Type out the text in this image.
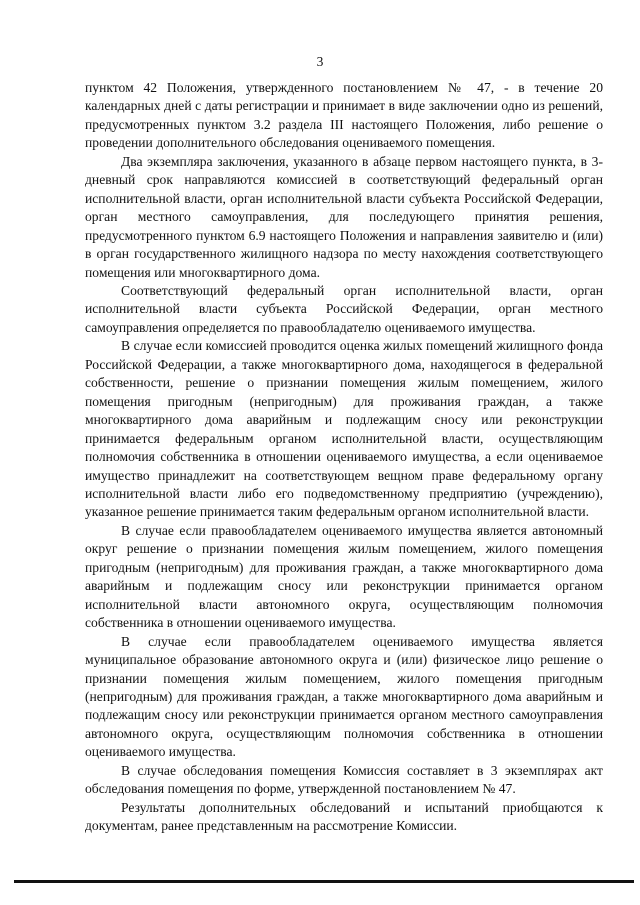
3

пунктом 42 Положения, утвержденного постановлением № 47, - в течение 20 календарных дней с даты регистрации и принимает в виде заключении одно из решений, предусмотренных пунктом 3.2 раздела III настоящего Положения, либо решение о проведении дополнительного обследования оцениваемого помещения.

Два экземпляра заключения, указанного в абзаце первом настоящего пункта, в 3-дневный срок направляются комиссией в соответствующий федеральный орган исполнительной власти, орган исполнительной власти субъекта Российской Федерации, орган местного самоуправления, для последующего принятия решения, предусмотренного пунктом 6.9 настоящего Положения и направления заявителю и (или) в орган государственного жилищного надзора по месту нахождения соответствующего помещения или многоквартирного дома.

Соответствующий федеральный орган исполнительной власти, орган исполнительной власти субъекта Российской Федерации, орган местного самоуправления определяется по правообладателю оцениваемого имущества.

В случае если комиссией проводится оценка жилых помещений жилищного фонда Российской Федерации, а также многоквартирного дома, находящегося в федеральной собственности, решение о признании помещения жилым помещением, жилого помещения пригодным (непригодным) для проживания граждан, а также многоквартирного дома аварийным и подлежащим сносу или реконструкции принимается федеральным органом исполнительной власти, осуществляющим полномочия собственника в отношении оцениваемого имущества, а если оцениваемое имущество принадлежит на соответствующем вещном праве федеральному органу исполнительной власти либо его подведомственному предприятию (учреждению), указанное решение принимается таким федеральным органом исполнительной власти.

В случае если правообладателем оцениваемого имущества является автономный округ решение о признании помещения жилым помещением, жилого помещения пригодным (непригодным) для проживания граждан, а также многоквартирного дома аварийным и подлежащим сносу или реконструкции принимается органом исполнительной власти автономного округа, осуществляющим полномочия собственника в отношении оцениваемого имущества.

В случае если правообладателем оцениваемого имущества является муниципальное образование автономного округа и (или) физическое лицо решение о признании помещения жилым помещением, жилого помещения пригодным (непригодным) для проживания граждан, а также многоквартирного дома аварийным и подлежащим сносу или реконструкции принимается органом местного самоуправления автономного округа, осуществляющим полномочия собственника в отношении оцениваемого имущества.

В случае обследования помещения Комиссия составляет в 3 экземплярах акт обследования помещения по форме, утвержденной постановлением № 47.

Результаты дополнительных обследований и испытаний приобщаются к документам, ранее представленным на рассмотрение Комиссии.
